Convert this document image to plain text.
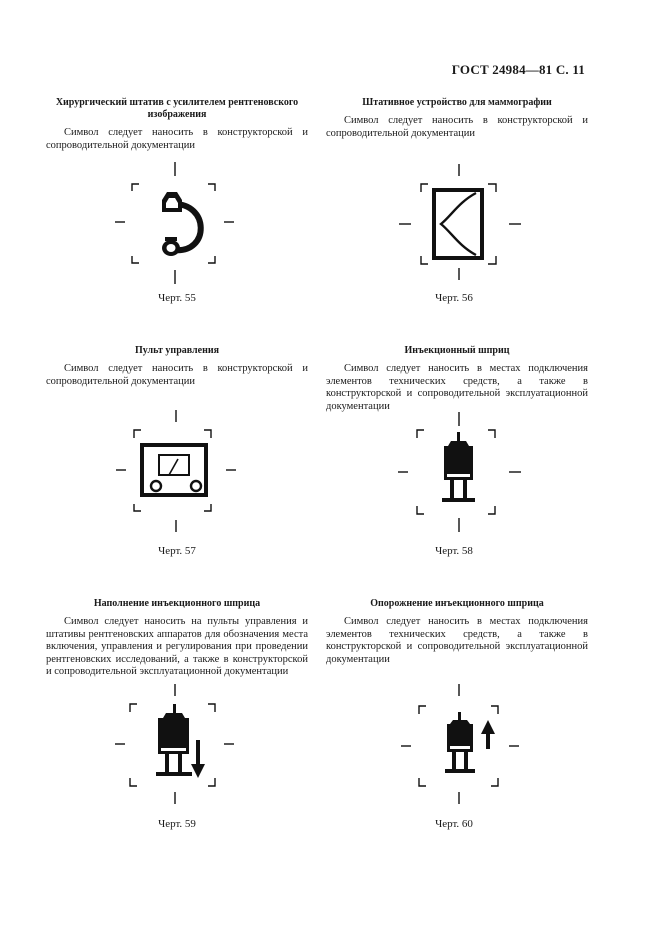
ГОСТ 24984—81 С. 11

Хирургический штатив с усилителем рентгеновского изображения

Символ следует наносить в конструкторской и сопроводительной документации

Черт. 55

Штативное устройство для маммографии

Символ следует наносить в конструкторской и сопроводительной документации

Черт. 56

Пульт управления

Символ следует наносить в конструкторской и сопроводительной документации

Черт. 57

Инъекционный шприц

Символ следует наносить в местах подключения элементов технических средств, а также в конструкторской и сопроводительной эксплуатационной документации

Черт. 58

Наполнение инъекционного шприца

Символ следует наносить на пульты управления и штативы рентгеновских аппаратов для обозначения места включения, управления и регулирования при проведении рентгеновских исследований, а также в конструкторской и сопроводительной эксплуатационной документации

Черт. 59

Опорожнение инъекционного шприца

Символ следует наносить в местах подключения элементов технических средств, а также в конструкторской и сопроводительной эксплуатационной документации

Черт. 60
